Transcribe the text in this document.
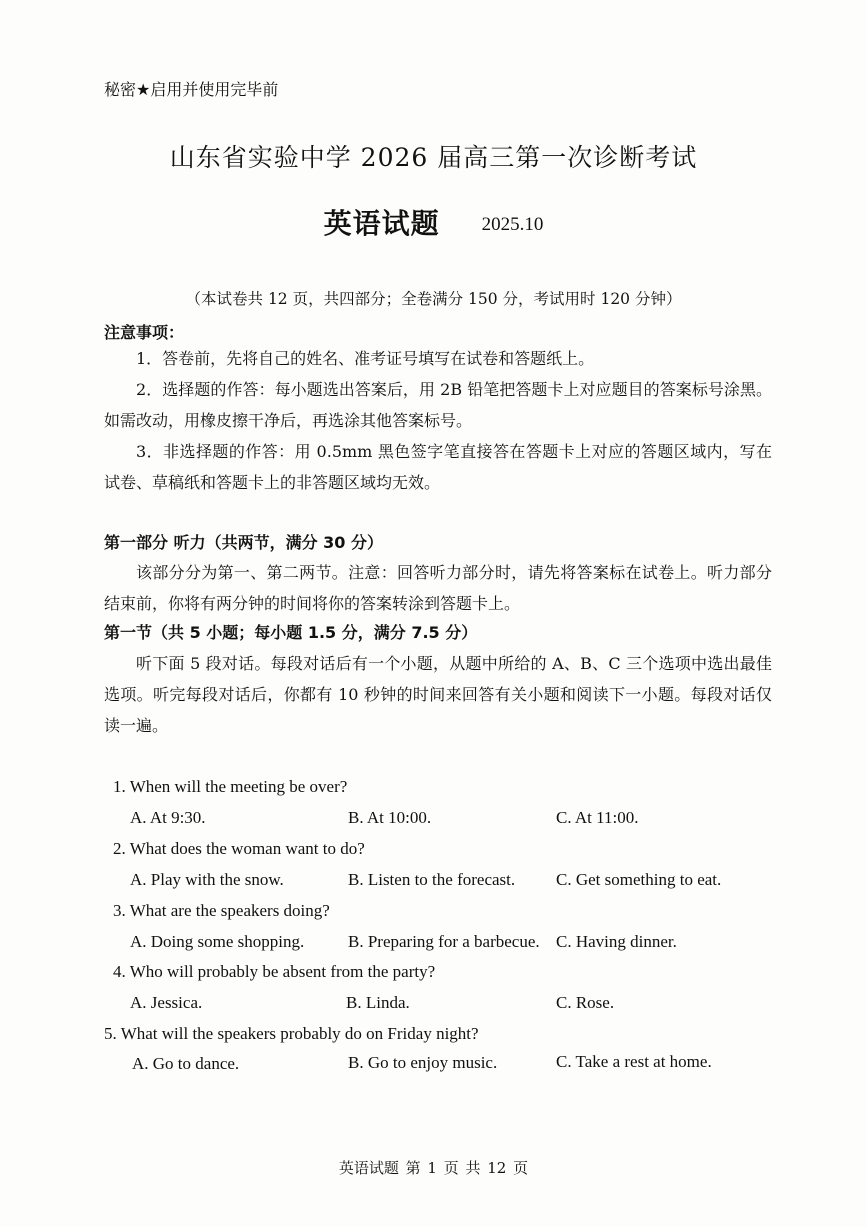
秘密★启用并使用完毕前
山东省实验中学 2026 届高三第一次诊断考试
英语试题 2025.10
（本试卷共 12 页，共四部分；全卷满分 150 分，考试用时 120 分钟）
注意事项：
1．答卷前，先将自己的姓名、准考证号填写在试卷和答题纸上。
2．选择题的作答：每小题选出答案后，用 2B 铅笔把答题卡上对应题目的答案标号涂黑。如需改动，用橡皮擦干净后，再选涂其他答案标号。
3．非选择题的作答：用 0.5mm 黑色签字笔直接答在答题卡上对应的答题区域内，写在试卷、草稿纸和答题卡上的非答题区域均无效。
第一部分 听力（共两节，满分 30 分）
该部分分为第一、第二两节。注意：回答听力部分时，请先将答案标在试卷上。听力部分结束前，你将有两分钟的时间将你的答案转涂到答题卡上。
第一节（共 5 小题；每小题 1.5 分，满分 7.5 分）
听下面 5 段对话。每段对话后有一个小题，从题中所给的 A、B、C 三个选项中选出最佳选项。听完每段对话后，你都有 10 秒钟的时间来回答有关小题和阅读下一小题。每段对话仅读一遍。
1. When will the meeting be over?
A. At 9:30.	B. At 10:00.	C. At 11:00.
2. What does the woman want to do?
A. Play with the snow.	B. Listen to the forecast. C. Get something to eat.
3. What are the speakers doing?
A. Doing some shopping.	B. Preparing for a barbecue. C. Having dinner.
4. Who will probably be absent from the party?
A. Jessica.	B. Linda.	C. Rose.
5. What will the speakers probably do on Friday night?
A. Go to dance.	B. Go to enjoy music.	C. Take a rest at home.
英语试题 第 1 页 共 12 页
